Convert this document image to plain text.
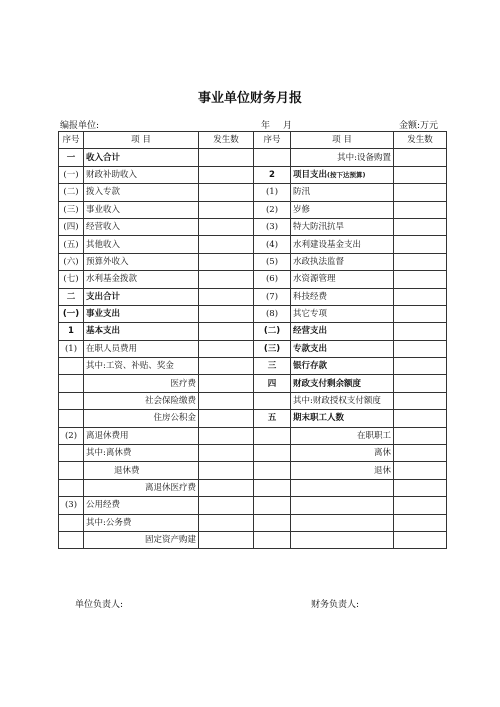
事业单位财务月报
编报单位:	年 月	金额:万元
序号	项 目	发生数	序号	项 目	发生数
一	收入合计			其中:设备购置	
(一)	财政补助收入		2	项目支出(按下达预算)	
(二)	拨入专款		(1)	防汛	
(三)	事业收入		(2)	岁修	
(四)	经营收入		(3)	特大防汛抗旱	
(五)	其他收入		(4)	水利建设基金支出	
(六)	预算外收入		(5)	水政执法监督	
(七)	水利基金拨款		(6)	水资源管理	
二	支出合计		(7)	科技经费	
(一)	事业支出		(8)	其它专项	
1	基本支出		(二)	经营支出	
(1)	在职人员费用		(三)	专款支出	
	其中:工资、补贴、奖金		三	银行存款	
	医疗费		四	财政支付剩余额度	
	社会保险缴费			其中:财政授权支付额度	
	住房公积金		五	期末职工人数	
(2)	离退休费用			在职职工	
	其中:离休费			离休	
	退休费			退休	
	离退休医疗费				
(3)	公用经费				
	其中:公务费				
	固定资产购建				
单位负责人:	财务负责人:
